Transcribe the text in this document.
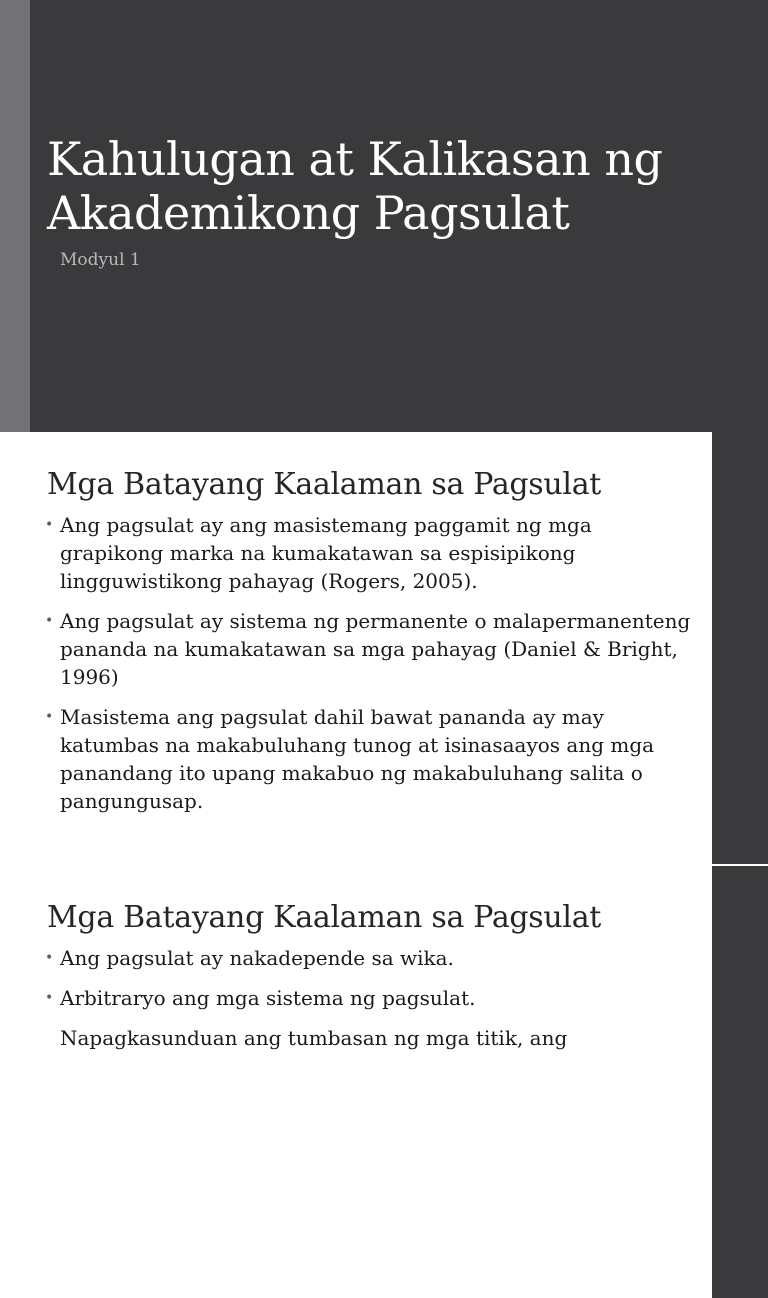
Kahulugan at Kalikasan ng Akademikong Pagsulat

Modyul 1

Mga Batayang Kaalaman sa Pagsulat
• Ang pagsulat ay ang masistemang paggamit ng mga grapikong marka na kumakatawan sa espisipikong lingguwistikong pahayag (Rogers, 2005).
• Ang pagsulat ay sistema ng permanente o malapermanenteng pananda na kumakatawan sa mga pahayag (Daniel & Bright, 1996)
• Masistema ang pagsulat dahil bawat pananda ay may katumbas na makabuluhang tunog at isinasaayos ang mga panandang ito upang makabuo ng makabuluhang salita o pangungusap.
Mga Batayang Kaalaman sa Pagsulat
• Ang pagsulat ay nakadepende sa wika.
• Arbitraryo ang mga sistema ng pagsulat.
Napagkasunduan ang tumbasan ng mga titik, ang
